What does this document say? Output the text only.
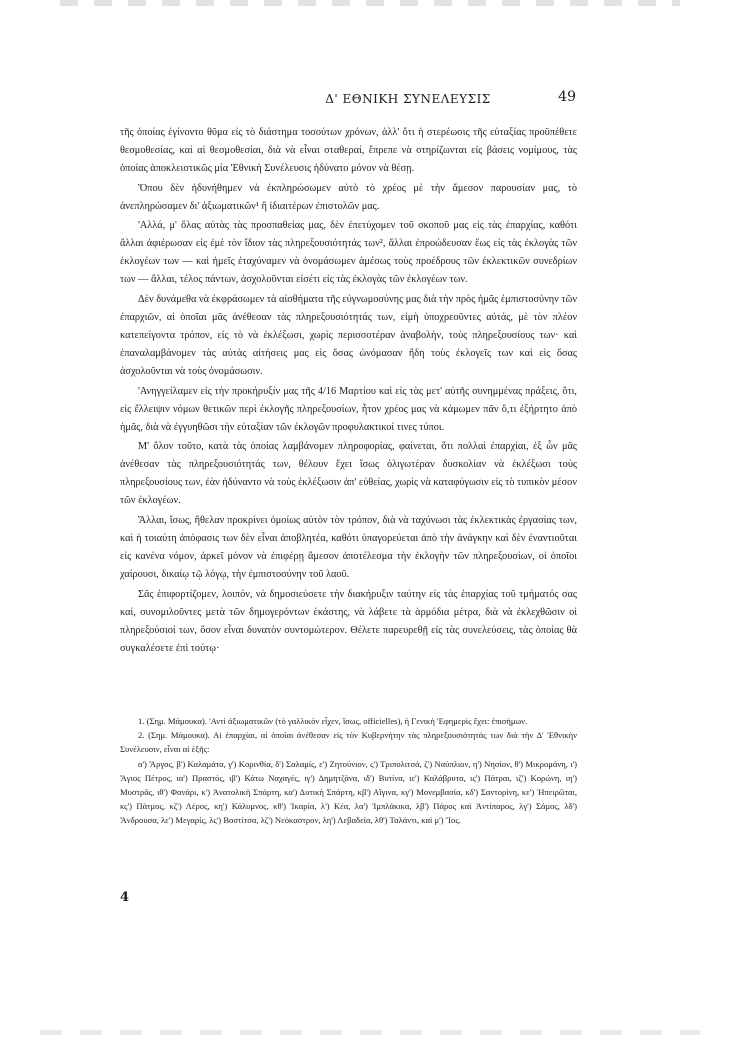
Δ' ΕΘΝΙΚΗ ΣΥΝΕΛΕΥΣΙΣ	49

τῆς ὁποίας ἐγίνοντο θῦμα εἰς τὸ διάστημα τοσούτων χρόνων, ἀλλ' ὅτι ἡ στερέωσις τῆς εὐταξίας προϋπέθετε θεσμοθεσίας, καὶ αἱ θεσμοθεσίαι, διὰ νὰ εἶναι σταθεραί, ἔπρεπε νὰ στηρίζωνται εἰς βάσεις νομίμους, τὰς ὁποίας ἀποκλειστικῶς μία 'Εθνικὴ Συνέλευσις ἠδύνατο μόνον νὰ θέσῃ.

Ὅπου δὲν ἠδυνήθημεν νὰ ἐκπληρώσωμεν αὐτὸ τὸ χρέος μὲ τὴν ἄμεσον παρουσίαν μας, τὸ ἀνεπληρώσαμεν δι' ἀξιωματικῶν¹ ἢ ἰδιαιτέρων ἐπιστολῶν μας.

'Αλλά, μ' ὅλας αὐτὰς τὰς προσπαθείας μας, δὲν ἐπετύχομεν τοῦ σκοποῦ μας εἰς τὰς ἐπαρχίας, καθότι ἄλλαι ἀφιέρωσαν εἰς ἐμὲ τὸν ἴδιον τὰς πληρεξουσιότητάς των², ἄλλαι ἐπροώδευσαν ἕως εἰς τὰς ἐκλογὰς τῶν ἐκλογέων των — καὶ ἡμεῖς ἐταχύναμεν νὰ ὀνομάσωμεν ἀμέσως τοὺς προέδρους τῶν ἐκλεκτικῶν συνεδρίων των — ἄλλαι, τέλος πάντων, ἀσχολοῦνται εἰσέτι εἰς τὰς ἐκλογὰς τῶν ἐκλογέων των.

Δὲν δυνάμεθα νὰ ἐκφράσωμεν τὰ αἰσθήματα τῆς εὐγνωμοσύνης μας διὰ τὴν πρὸς ἡμᾶς ἐμπιστοσύνην τῶν ἐπαρχιῶν, αἱ ὁποῖαι μᾶς ἀνέθεσαν τὰς πληρεξουσιότητάς των, εἰμὴ ὑποχρεοῦντες αὐτάς, μὲ τὸν πλέον κατεπείγοντα τρόπον, εἰς τὸ νὰ ἐκλέξωσι, χωρὶς περισσοτέραν ἀναβολήν, τοὺς πληρεξουσίους των· καὶ ἐπαναλαμβάνομεν τὰς αὐτὰς αἰτήσεις μας εἰς ὅσας ὠνόμασαν ἤδη τοὺς ἐκλογεῖς των καὶ εἰς ὅσας ἀσχολοῦνται νὰ τοὺς ὀνομάσωσιν.

'Ανηγγείλαμεν εἰς τὴν προκήρυξίν μας τῆς 4/16 Μαρτίου καὶ εἰς τὰς μετ' αὐτῆς συνημμένας πράξεις, ὅτι, εἰς ἔλλειψιν νόμων θετικῶν περὶ ἐκλογῆς πληρεξουσίων, ἦτον χρέος μας νὰ κάμωμεν πᾶν ὅ,τι ἐξήρτητο ἀπὸ ἡμᾶς, διὰ νὰ ἐγγυηθῶσι τὴν εὐταξίαν τῶν ἐκλογῶν προφυλακτικοί τινες τύποι.

Μ' ὅλον τοῦτο, κατὰ τὰς ὁποίας λαμβάνομεν πληροφορίας, φαίνεται, ὅτι πολλαὶ ἐπαρχίαι, ἐξ ὧν μᾶς ἀνέθεσαν τὰς πληρεξουσιότητάς των, θέλουν ἔχει ἴσως ὀλιγωτέραν δυσκολίαν νὰ ἐκλέξωσι τοὺς πληρεξουσίους των, ἐὰν ἠδύναντο νὰ τοὺς ἐκλέξωσιν ἀπ' εὐθείας, χωρὶς νὰ καταφύγωσιν εἰς τὸ τυπικὸν μέσον τῶν ἐκλογέων.

Ἄλλαι, ἴσως, ἤθελαν προκρίνει ὁμοίως αὐτὸν τὸν τρόπον, διὰ νὰ ταχύνωσι τὰς ἐκλεκτικὰς ἐργασίας των, καὶ ἡ τοιαύτη ἀπόφασις των δὲν εἶναι ἀποβλητέα, καθότι ὑπαγορεύεται ἀπὸ τὴν ἀνάγκην καὶ δὲν ἐναντιοῦται εἰς κανένα νόμον, ἀρκεῖ μόνον νὰ ἐπιφέρῃ ἄμεσον ἀποτέλεσμα τὴν ἐκλογὴν τῶν πληρεξουσίων, οἱ ὁποῖοι χαίρουσι, δικαίῳ τῷ λόγῳ, τὴν ἐμπιστοσύνην τοῦ λαοῦ.

Σᾶς ἐπιφορτίζομεν, λοιπόν, νὰ δημοσιεύσετε τὴν διακήρυξιν ταύτην εἰς τὰς ἐπαρχίας τοῦ τμήματός σας καί, συνομιλοῦντες μετὰ τῶν δημογερόντων ἑκάστης, νὰ λάβετε τὰ ἁρμόδια μέτρα, διὰ νὰ ἐκλεχθῶσιν οἱ πληρεξούσιοί των, ὅσον εἶναι δυνατὸν συντομώτερον. Θέλετε παρευρεθῇ εἰς τὰς συνελεύσεις, τὰς ὁποίας θὰ συγκαλέσετε ἐπὶ τούτῳ·

1. (Σημ. Μάμουκα). 'Αντὶ ἀξιωματικῶν (τὸ γαλλικὸν εἶχεν, ἴσως, officielles), ἡ Γενικὴ 'Εφημερὶς ἔχει: ἐπισήμων.

2. (Σημ. Μάμουκα). Αἱ ἐπαρχίαι, αἱ ὁποῖαι ἀνέθεσαν εἰς τὸν Κυβερνήτην τὰς πληρεξουσιότητάς των διὰ τὴν Δ' 'Εθνικὴν Συνέλευσιν, εἶναι αἱ ἑξῆς:

α') Ἄργος, β') Καλαμάτα, γ') Κορινθία, δ') Σαλαμίς, ε') Ζητούνιον, ς') Τριπολιτσά, ζ') Ναύπλιον, η') Νησίον, θ') Μικρομάνη, ι') Ἅγιος Πέτρος, ια') Πραστός, ιβ') Κάτω Ναχαγές, ιγ') Δημητζάνα, ιδ') Βυτίνα, ιε') Καλάβρυτα, ις') Πάτραι, ιζ') Κορώνη, ιη') Μυστρᾶς, ιθ') Φανάρι, κ') Ἀνατολικὴ Σπάρτη, κα') Δυτικὴ Σπάρτη, κβ') Αἴγινα, κγ') Μονεμβασία, κδ') Σαντορίνη, κε') Ἡπειρῶται, κς') Πάτμος, κζ') Λέρος, κη') Κάλυμνος, κθ') Ἰκαρία, λ') Κέα, λα') Ἰμπλάκικα, λβ') Πάρος καὶ Ἀντίπαρος, λγ') Σάμος, λδ') Ἄνδρουσα, λε') Μεγαρίς, λς') Βοστίτσα, λζ') Νεόκαστρον, λη') Λεβαδεία, λθ') Ταλάντι, καὶ μ') Ἴος.

4
